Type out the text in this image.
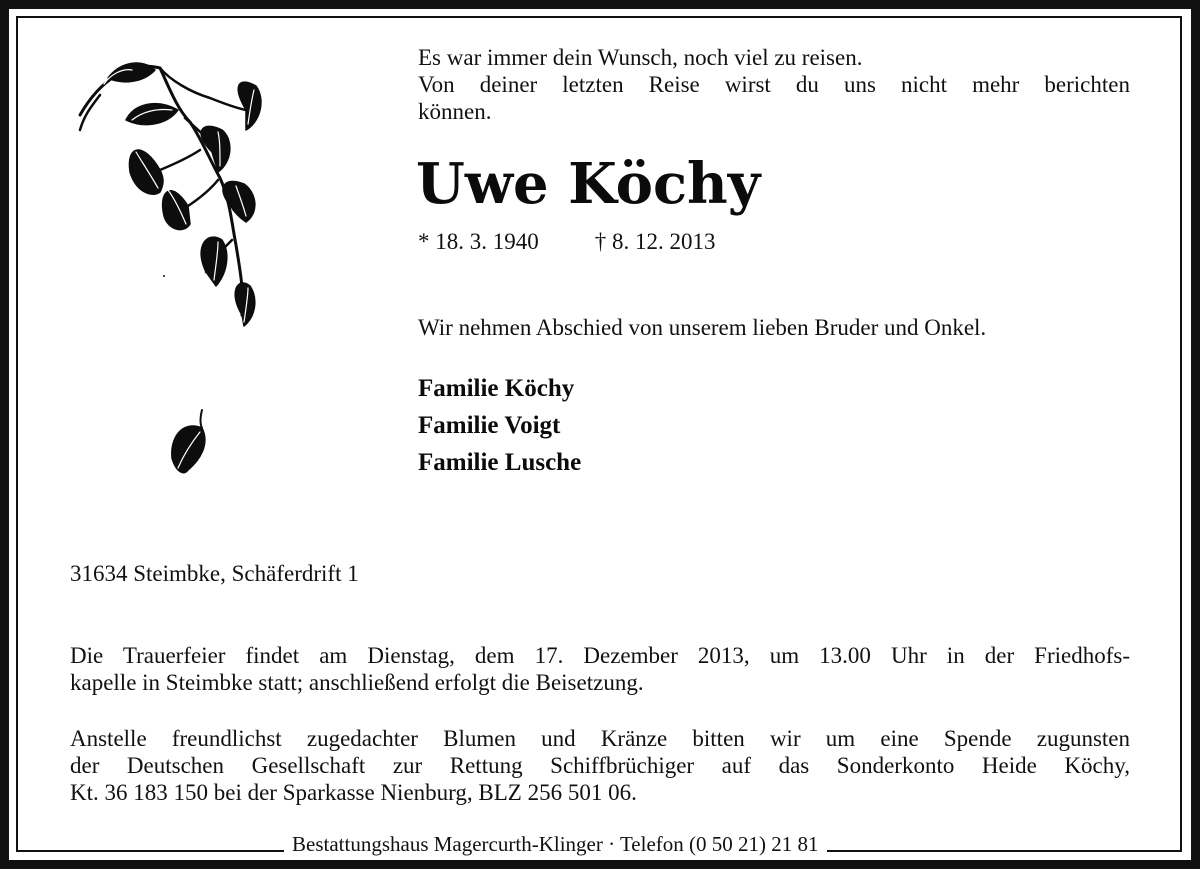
Es war immer dein Wunsch, noch viel zu reisen.
Von deiner letzten Reise wirst du uns nicht mehr berichten
können.
Uwe Köchy
* 18. 3. 1940 † 8. 12. 2013

Wir nehmen Abschied von unserem lieben Bruder und Onkel.

Familie Köchy
Familie Voigt
Familie Lusche

31634 Steimbke, Schäferdrift 1

Die Trauerfeier findet am Dienstag, dem 17. Dezember 2013, um 13.00 Uhr in der Friedhofs-
kapelle in Steimbke statt; anschließend erfolgt die Beisetzung.
Anstelle freundlichst zugedachter Blumen und Kränze bitten wir um eine Spende zugunsten
der Deutschen Gesellschaft zur Rettung Schiffbrüchiger auf das Sonderkonto Heide Köchy,
Kt. 36 183 150 bei der Sparkasse Nienburg, BLZ 256 501 06.
Bestattungshaus Magercurth-Klinger · Telefon (0 50 21) 21 81
